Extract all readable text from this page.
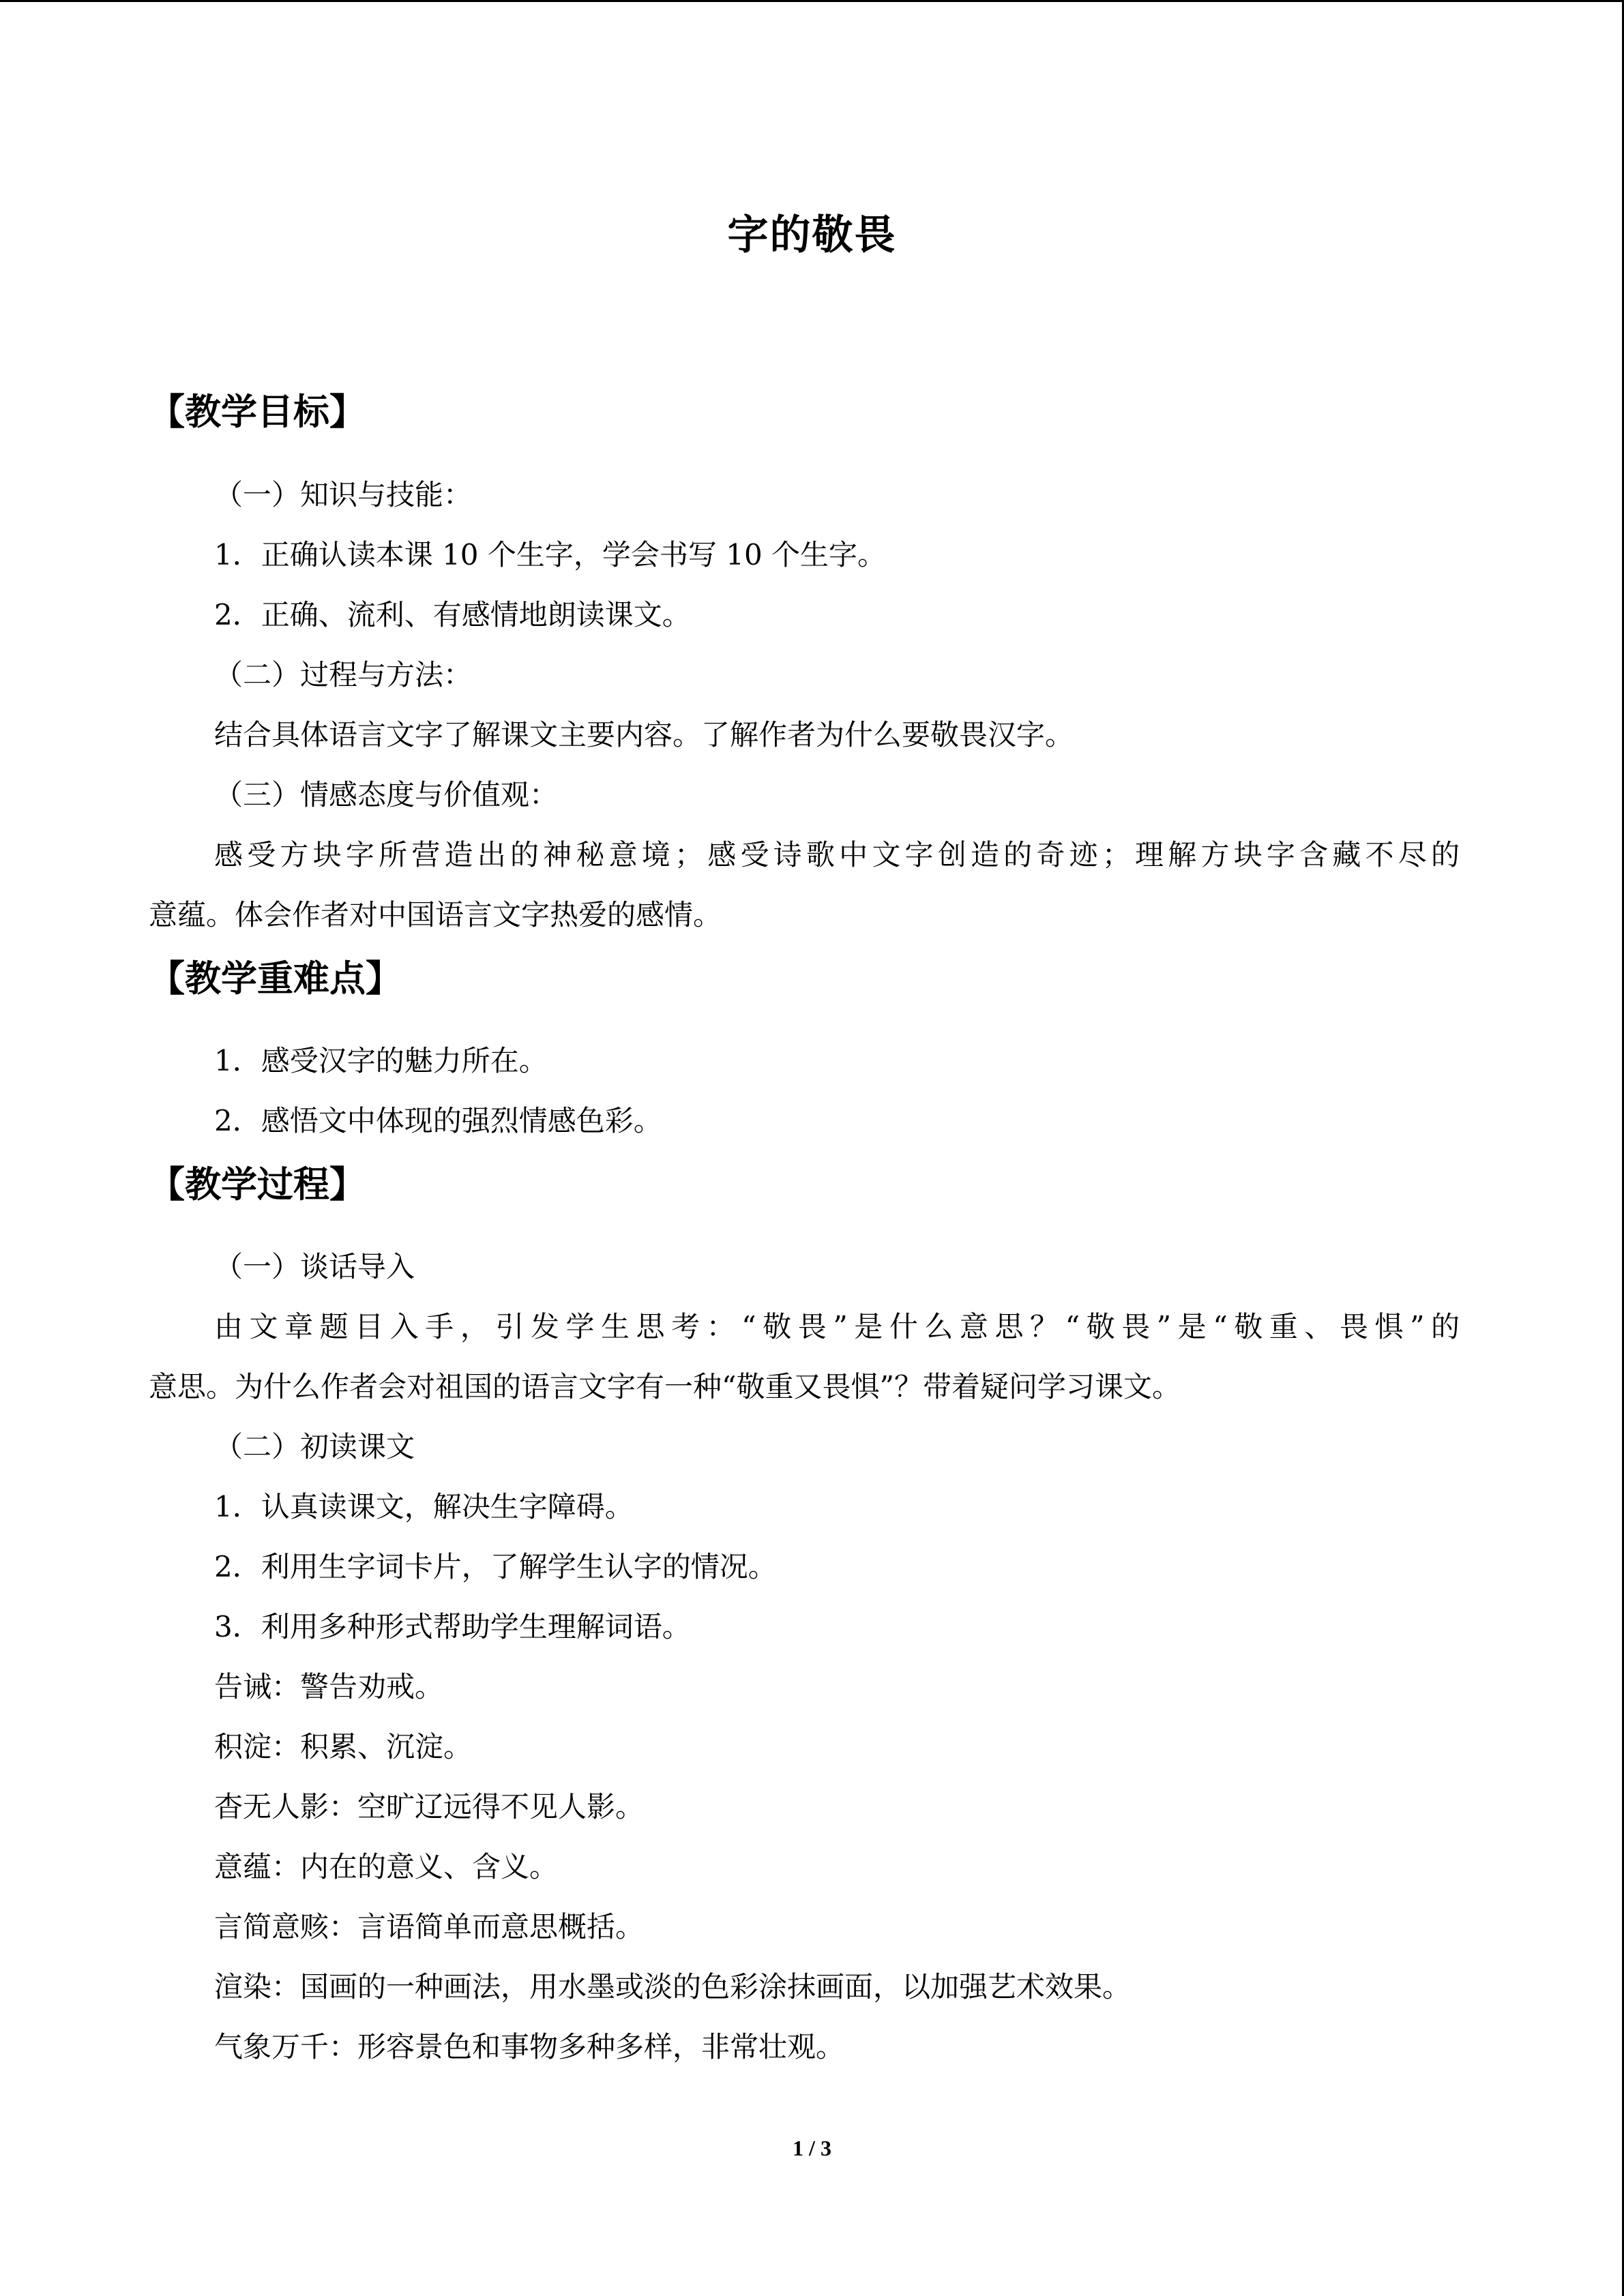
字的敬畏
【教学目标】
（一）知识与技能：
1．正确认读本课 10 个生字，学会书写 10 个生字。
2．正确、流利、有感情地朗读课文。
（二）过程与方法：
结合具体语言文字了解课文主要内容。了解作者为什么要敬畏汉字。
（三）情感态度与价值观：
感受方块字所营造出的神秘意境；感受诗歌中文字创造的奇迹；理解方块字含藏不尽的
意蕴。体会作者对中国语言文字热爱的感情。
【教学重难点】
1．感受汉字的魅力所在。
2．感悟文中体现的强烈情感色彩。
【教学过程】
（一）谈话导入
由文章题目入手，引发学生思考：“敬畏”是什么意思？“敬畏”是“敬重、畏惧”的
意思。为什么作者会对祖国的语言文字有一种“敬重又畏惧”？带着疑问学习课文。
（二）初读课文
1．认真读课文，解决生字障碍。
2．利用生字词卡片，了解学生认字的情况。
3．利用多种形式帮助学生理解词语。
告诫：警告劝戒。
积淀：积累、沉淀。
杳无人影：空旷辽远得不见人影。
意蕴：内在的意义、含义。
言简意赅：言语简单而意思概括。
渲染：国画的一种画法，用水墨或淡的色彩涂抹画面，以加强艺术效果。
气象万千：形容景色和事物多种多样，非常壮观。
1 / 3
